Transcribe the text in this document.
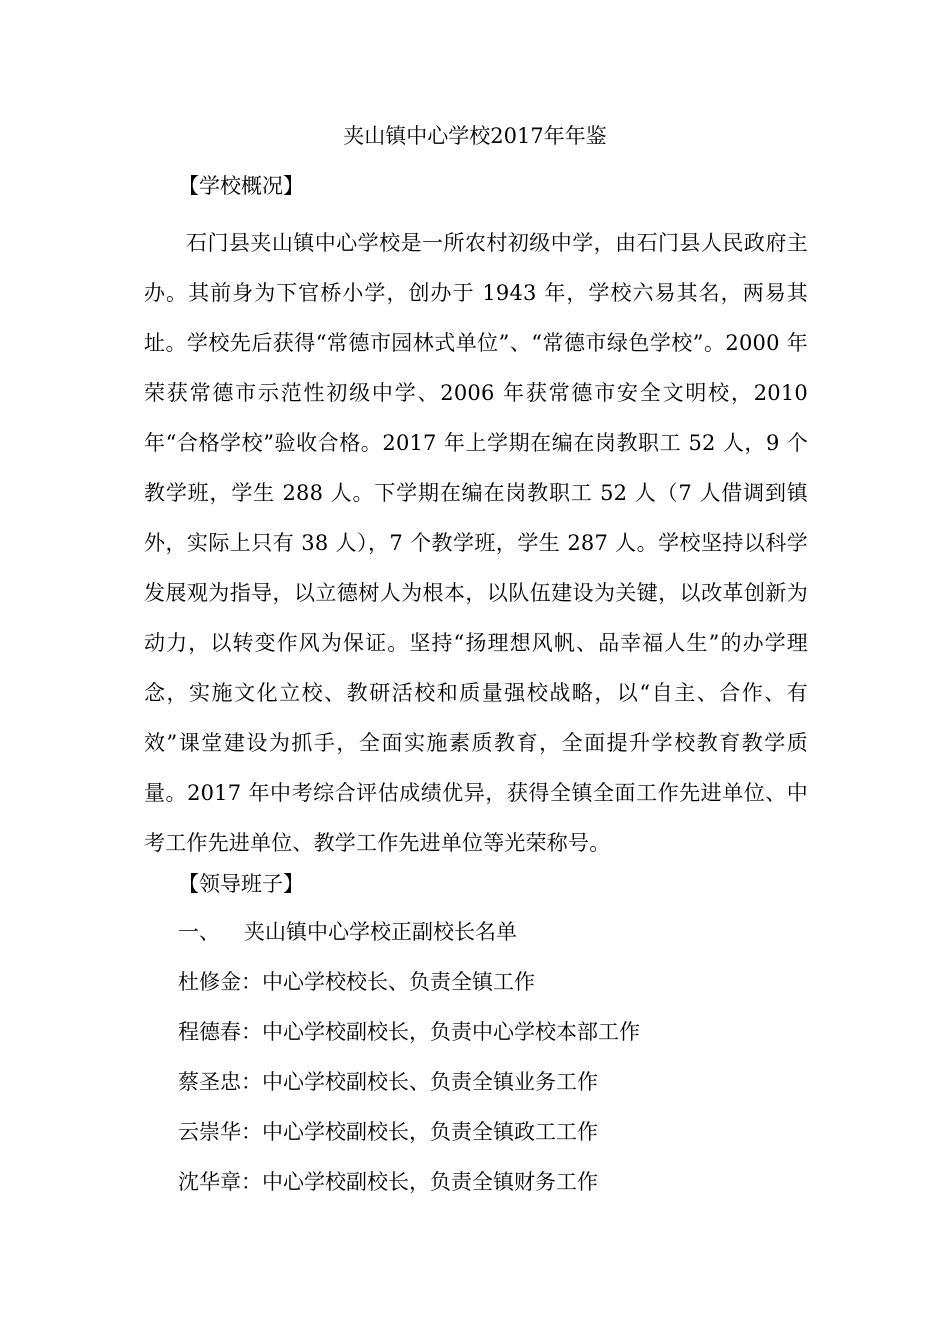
夹山镇中心学校2017年年鉴
【学校概况】

石门县夹山镇中心学校是一所农村初级中学，由石门县人民政府主办。其前身为下官桥小学，创办于 1943 年，学校六易其名，两易其址。学校先后获得“常德市园林式单位”、“常德市绿色学校”。2000 年荣获常德市示范性初级中学、2006 年获常德市安全文明校，2010 年“合格学校”验收合格。2017 年上学期在编在岗教职工 52 人，9 个教学班，学生 288 人。下学期在编在岗教职工 52 人（7 人借调到镇外，实际上只有 38 人），7 个教学班，学生 287 人。学校坚持以科学发展观为指导，以立德树人为根本，以队伍建设为关键，以改革创新为动力，以转变作风为保证。坚持“扬理想风帆、品幸福人生”的办学理念，实施文化立校、教研活校和质量强校战略，以“自主、合作、有效”课堂建设为抓手，全面实施素质教育，全面提升学校教育教学质量。2017 年中考综合评估成绩优异，获得全镇全面工作先进单位、中考工作先进单位、教学工作先进单位等光荣称号。

【领导班子】

一、 夹山镇中心学校正副校长名单

杜修金：中心学校校长、负责全镇工作

程德春：中心学校副校长，负责中心学校本部工作

蔡圣忠：中心学校副校长、负责全镇业务工作

云崇华：中心学校副校长，负责全镇政工工作

沈华章：中心学校副校长，负责全镇财务工作
